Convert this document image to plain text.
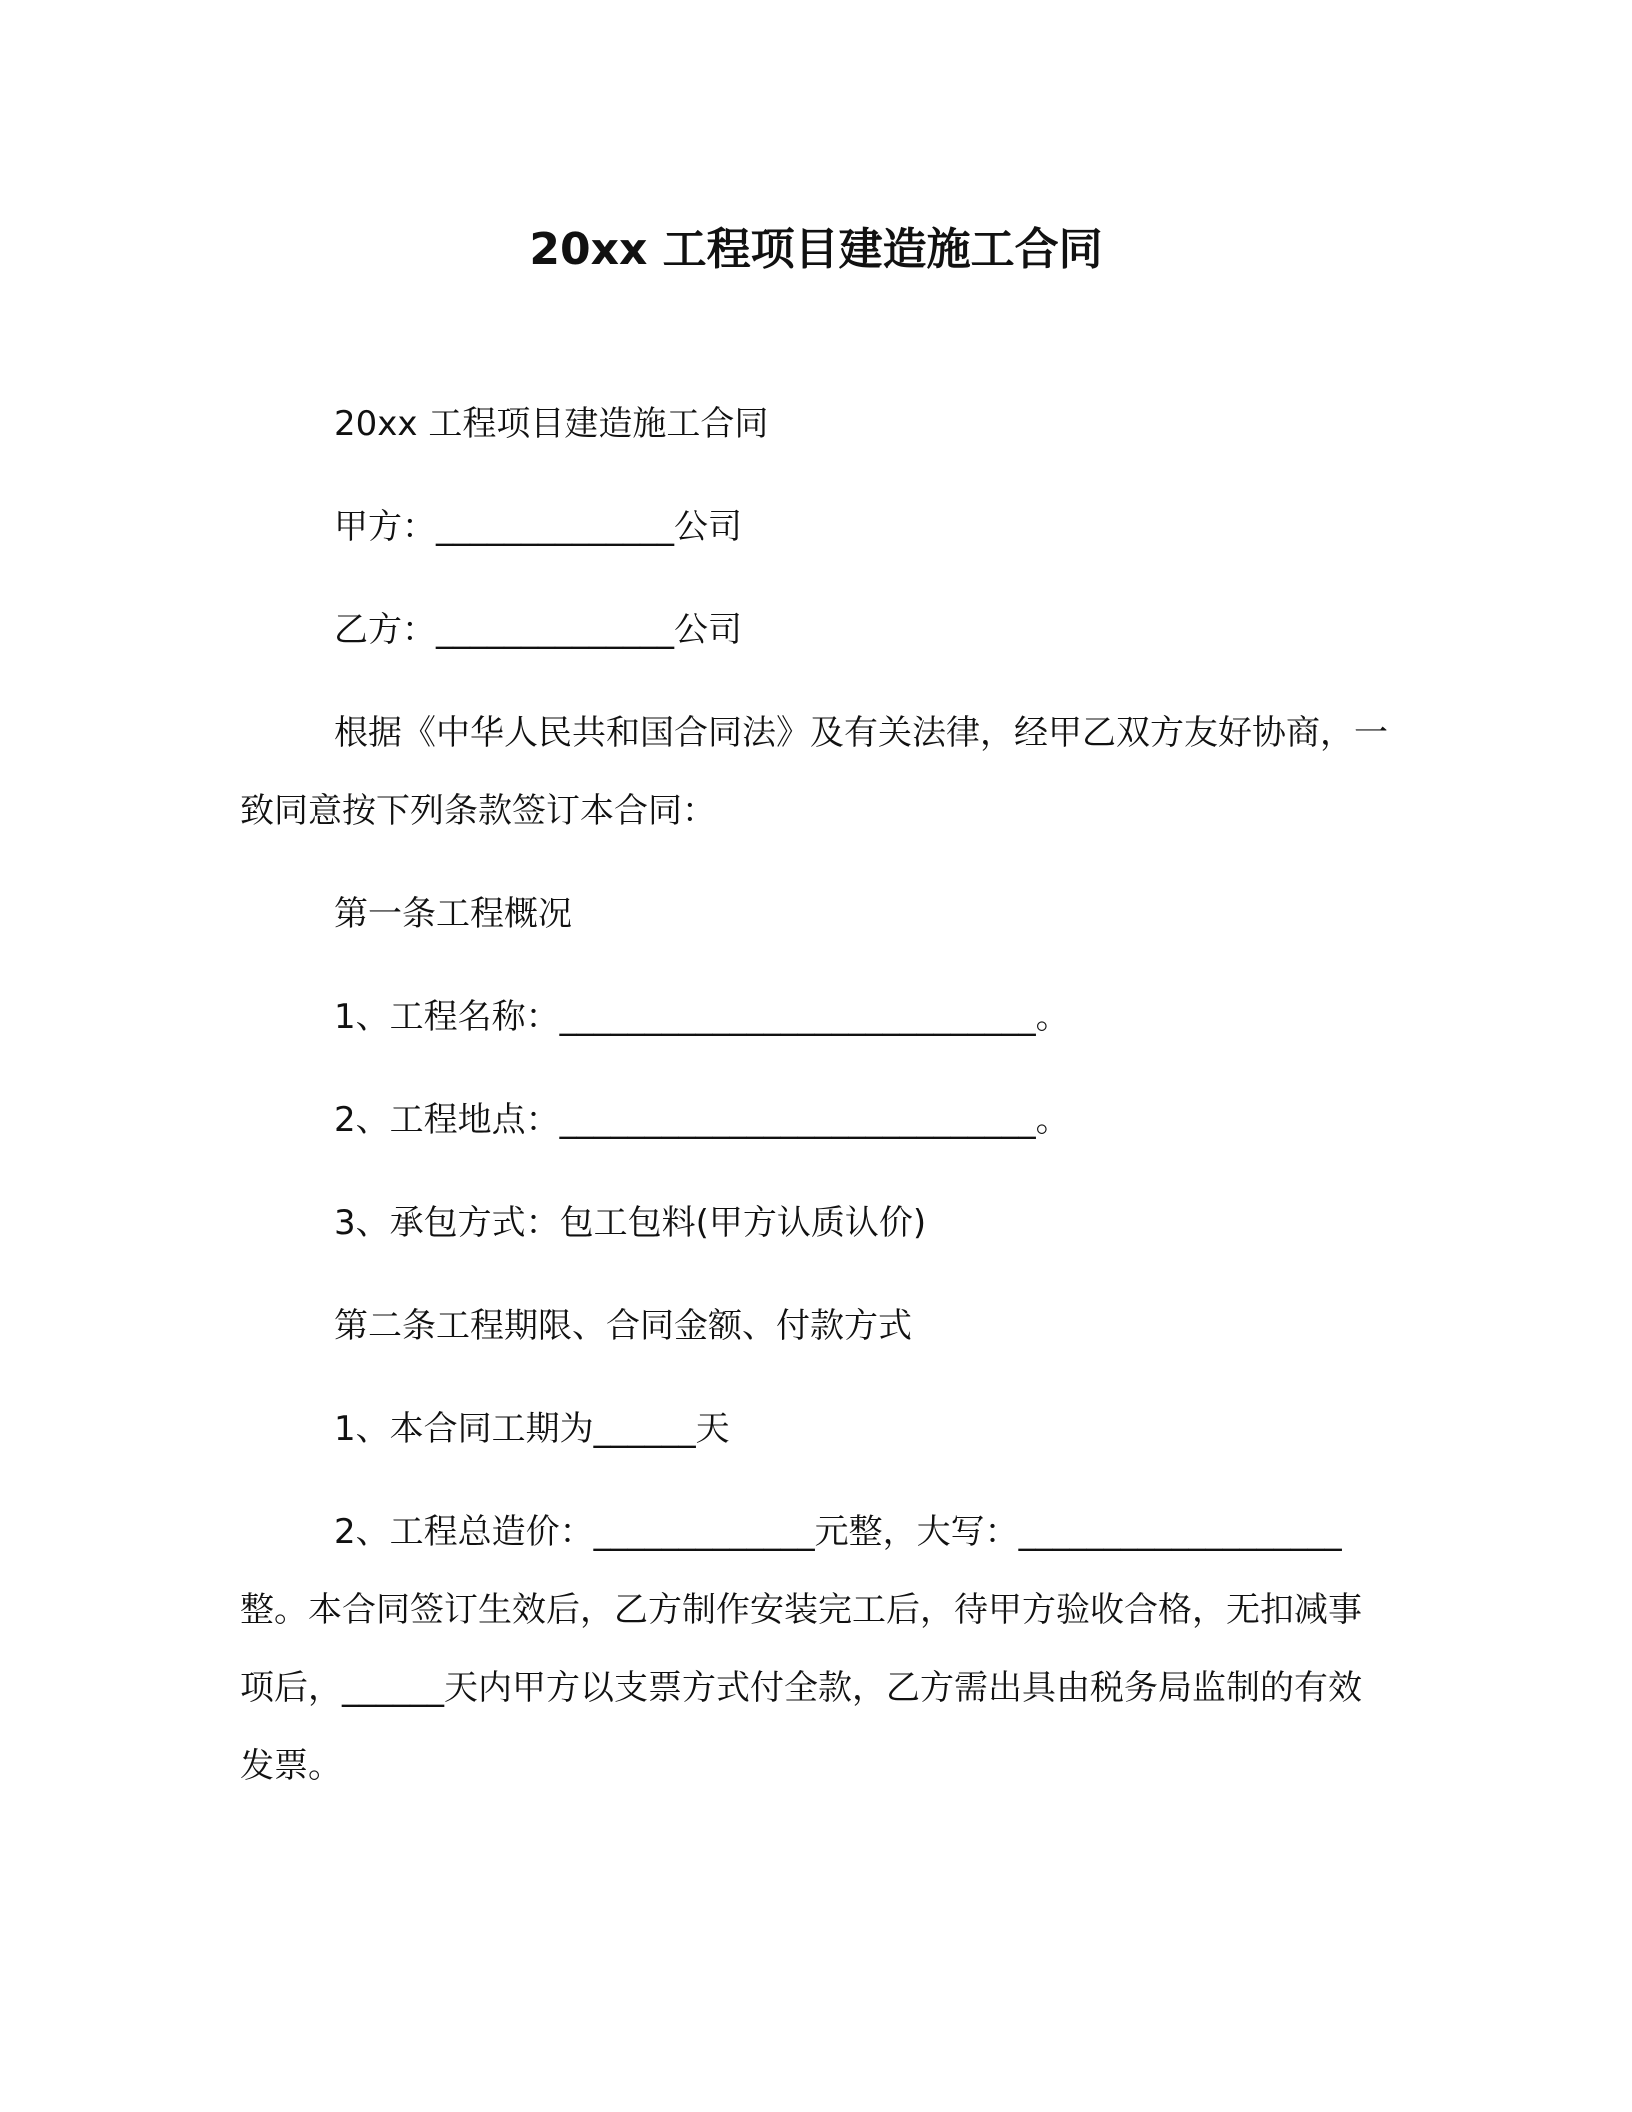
20xx 工程项目建造施工合同

20xx 工程项目建造施工合同

甲方：______________公司

乙方：______________公司

根据《中华人民共和国合同法》及有关法律，经甲乙双方友好协商，一致同意按下列条款签订本合同：

第一条工程概况

1、工程名称：____________________________。

2、工程地点：____________________________。

3、承包方式：包工包料(甲方认质认价)

第二条工程期限、合同金额、付款方式

1、本合同工期为______天

2、工程总造价：_____________元整，大写：___________________整。本合同签订生效后，乙方制作安装完工后，待甲方验收合格，无扣减事项后，______天内甲方以支票方式付全款，乙方需出具由税务局监制的有效发票。
